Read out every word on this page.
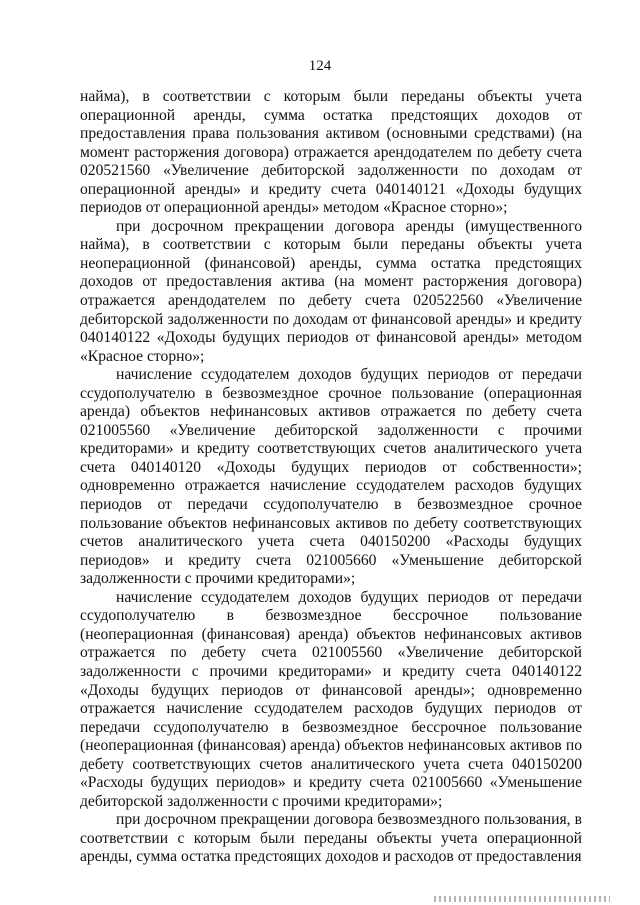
124

найма), в соответствии с которым были переданы объекты учета операционной аренды, сумма остатка предстоящих доходов от предоставления права пользования активом (основными средствами) (на момент расторжения договора) отражается арендодателем по дебету счета 020521560 «Увеличение дебиторской задолженности по доходам от операционной аренды» и кредиту счета 040140121 «Доходы будущих периодов от операционной аренды» методом «Красное сторно»;

при досрочном прекращении договора аренды (имущественного найма), в соответствии с которым были переданы объекты учета неоперационной (финансовой) аренды, сумма остатка предстоящих доходов от предоставления актива (на момент расторжения договора) отражается арендодателем по дебету счета 020522560 «Увеличение дебиторской задолженности по доходам от финансовой аренды» и кредиту 040140122 «Доходы будущих периодов от финансовой аренды» методом «Красное сторно»;

начисление ссудодателем доходов будущих периодов от передачи ссудополучателю в безвозмездное срочное пользование (операционная аренда) объектов нефинансовых активов отражается по дебету счета 021005560 «Увеличение дебиторской задолженности с прочими кредиторами» и кредиту соответствующих счетов аналитического учета счета 040140120 «Доходы будущих периодов от собственности»; одновременно отражается начисление ссудодателем расходов будущих периодов от передачи ссудополучателю в безвозмездное срочное пользование объектов нефинансовых активов по дебету соответствующих счетов аналитического учета счета 040150200 «Расходы будущих периодов» и кредиту счета 021005660 «Уменьшение дебиторской задолженности с прочими кредиторами»;

начисление ссудодателем доходов будущих периодов от передачи ссудополучателю в безвозмездное бессрочное пользование (неоперационная (финансовая) аренда) объектов нефинансовых активов отражается по дебету счета 021005560 «Увеличение дебиторской задолженности с прочими кредиторами» и кредиту счета 040140122 «Доходы будущих периодов от финансовой аренды»; одновременно отражается начисление ссудодателем расходов будущих периодов от передачи ссудополучателю в безвозмездное бессрочное пользование (неоперационная (финансовая) аренда) объектов нефинансовых активов по дебету соответствующих счетов аналитического учета счета 040150200 «Расходы будущих периодов» и кредиту счета 021005660 «Уменьшение дебиторской задолженности с прочими кредиторами»;

при досрочном прекращении договора безвозмездного пользования, в соответствии с которым были переданы объекты учета операционной аренды, сумма остатка предстоящих доходов и расходов от предоставления
